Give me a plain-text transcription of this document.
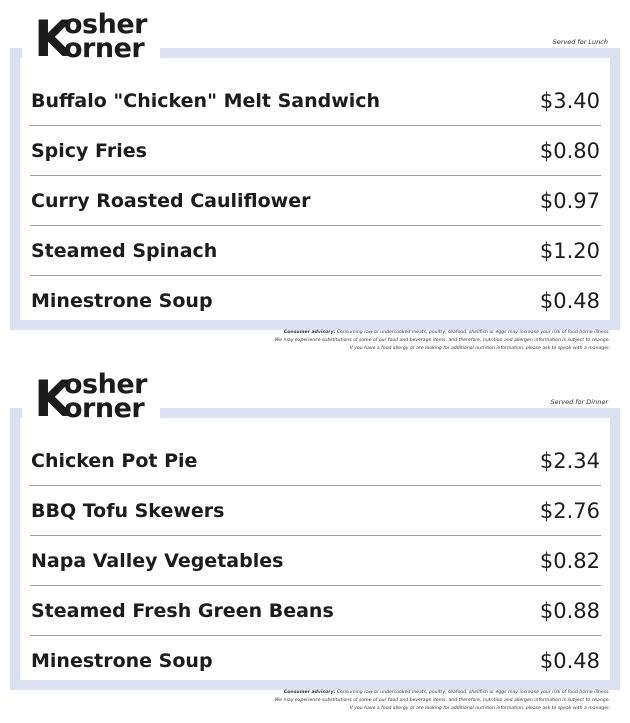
K
osher
orner	Served for Lunch
Buffalo "Chicken" Melt Sandwich	$3.40
Spicy Fries	$0.80
Curry Roasted Cauliflower	$0.97
Steamed Spinach	$1.20
Minestrone Soup	$0.48
Consumer advisory: Consuming raw or undercooked meats, poultry, seafood, shellfish or eggs may increase your risk of food borne illness.
We may experience substitutions of some of our food and beverage items, and therefore, nutrition and allergen information is subject to change.
If you have a food allergy or are looking for additional nutrition information, please ask to speak with a manager.
K
osher
orner	Served for Dinner
Chicken Pot Pie	$2.34
BBQ Tofu Skewers	$2.76
Napa Valley Vegetables	$0.82
Steamed Fresh Green Beans	$0.88
Minestrone Soup	$0.48
Consumer advisory: Consuming raw or undercooked meats, poultry, seafood, shellfish or eggs may increase your risk of food borne illness.
We may experience substitutions of some of our food and beverage items, and therefore, nutrition and allergen information is subject to change.
If you have a food allergy or are looking for additional nutrition information, please ask to speak with a manager.
